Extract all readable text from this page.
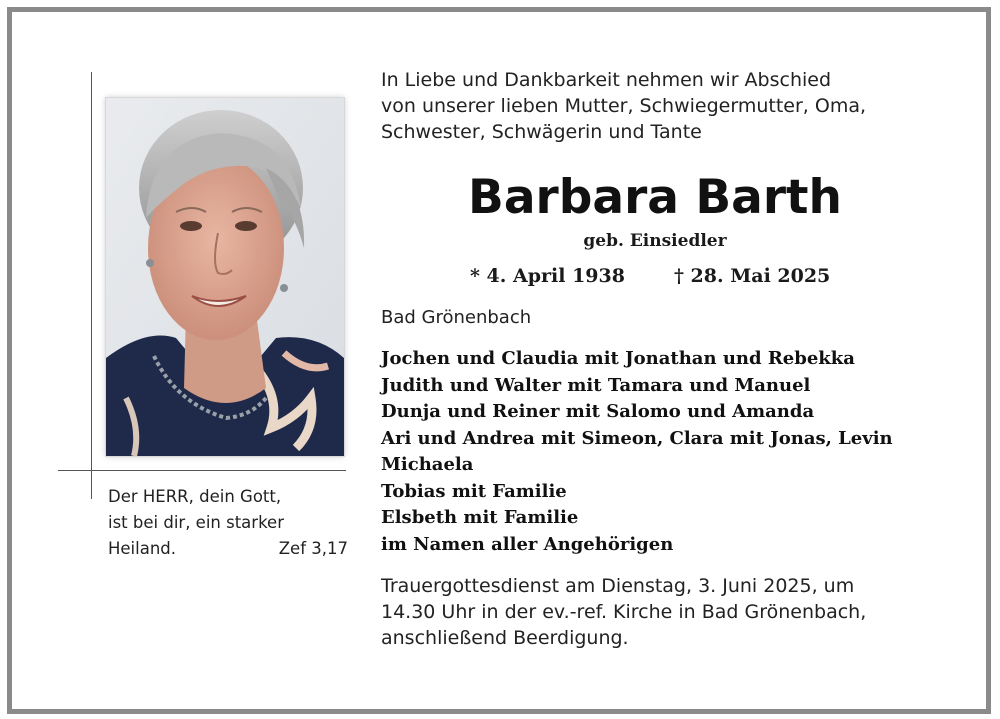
Der HERR, dein Gott,
ist bei dir, ein starker
Heiland.	Zef 3,17
In Liebe und Dankbarkeit nehmen wir Abschied
von unserer lieben Mutter, Schwiegermutter, Oma,
Schwester, Schwägerin und Tante
Barbara Barth
geb. Einsiedler
* 4. April 1938	† 28. Mai 2025
Bad Grönenbach
Jochen und Claudia mit Jonathan und Rebekka
Judith und Walter mit Tamara und Manuel
Dunja und Reiner mit Salomo und Amanda
Ari und Andrea mit Simeon, Clara mit Jonas, Levin
Michaela
Tobias mit Familie
Elsbeth mit Familie
im Namen aller Angehörigen
Trauergottesdienst am Dienstag, 3. Juni 2025, um
14.30 Uhr in der ev.-ref. Kirche in Bad Grönenbach,
anschließend Beerdigung.
